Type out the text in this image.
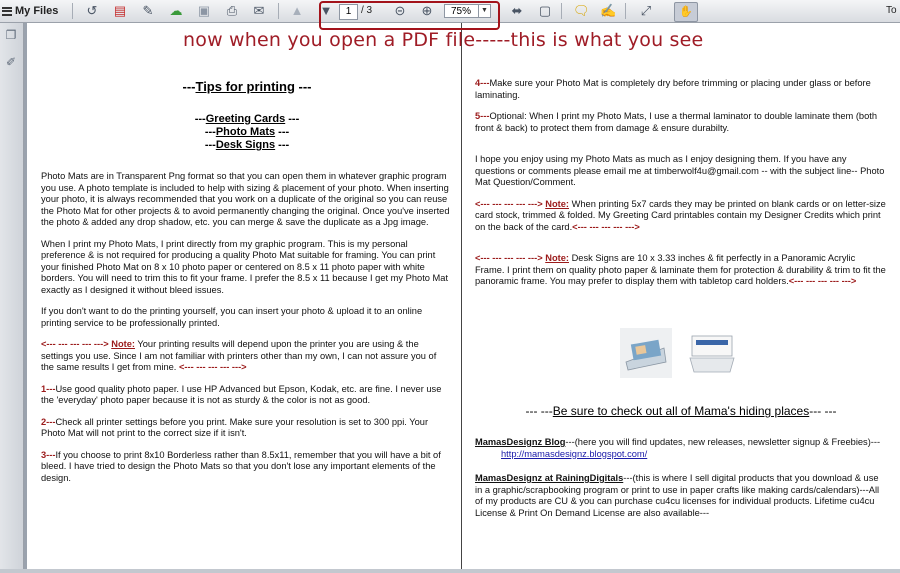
My Files ↺ ▤ ✎ ☁ ▣ ⎙ ✉ ▲ ▼	1 / 3 ⊝ ⊕	75%	▼ ⬌ ▢ 🗨 ✍ ⤢	✋	To
❐
✐
---Tips for printing ---
---Greeting Cards ---
---Photo Mats ---
---Desk Signs ---

Photo Mats are in Transparent Png format so that you can open them in whatever graphic program you use. A photo template is included to help with sizing & placement of your photo. When inserting your photo, it is always recommended that you work on a duplicate of the original so you can reuse the Photo Mat for other projects & to avoid permanently changing the original. Once you've inserted the photo & added any drop shadow, etc. you can merge & save the duplicate as a Jpg image.

When I print my Photo Mats, I print directly from my graphic program. This is my personal preference & is not required for producing a quality Photo Mat suitable for framing. You can print your finished Photo Mat on 8 x 10 photo paper or centered on 8.5 x 11 photo paper with white borders. You will need to trim this to fit your frame. I prefer the 8.5 x 11 because I get my Photo Mat exactly as I designed it without bleed issues.

If you don't want to do the printing yourself, you can insert your photo & upload it to an online printing service to be professionally printed.

<--- --- --- --- ---> Note: Your printing results will depend upon the printer you are using & the settings you use. Since I am not familiar with printers other than my own, I can not assure you of the same results I get from mine. <--- --- --- --- --->

1---Use good quality photo paper. I use HP Advanced but Epson, Kodak, etc. are fine. I never use the 'everyday' photo paper because it is not as sturdy & the color is not as good.

2---Check all printer settings before you print. Make sure your resolution is set to 300 ppi. Your Photo Mat will not print to the correct size if it isn't.

3---If you choose to print 8x10 Borderless rather than 8.5x11, remember that you will have a bit of bleed. I have tried to design the Photo Mats so that you don't lose any important elements of the design.

4---Make sure your Photo Mat is completely dry before trimming or placing under glass or before laminating.

5---Optional: When I print my Photo Mats, I use a thermal laminator to double laminate them (both front & back) to protect them from damage & ensure durabilty.

I hope you enjoy using my Photo Mats as much as I enjoy designing them. If you have any questions or comments please email me at timberwolf4u@gmail.com -- with the subject line-- Photo Mat Question/Comment.

<--- --- --- --- ---> Note: When printing 5x7 cards they may be printed on blank cards or on letter-size card stock, trimmed & folded. My Greeting Card printables contain my Designer Credits which print on the back of the card.<--- --- --- --- --->

<--- --- --- --- ---> Note: Desk Signs are 10 x 3.33 inches & fit perfectly in a Panoramic Acrylic Frame. I print them on quality photo paper & laminate them for protection & durability & trim to fit the panoramic frame. You may prefer to display them with tabletop card holders.<--- --- --- --- --->

--- ---Be sure to check out all of Mama's hiding places--- ---

MamasDesignz Blog---(here you will find updates, new releases, newsletter signup & Freebies)---

http://mamasdesignz.blogspot.com/

MamasDesignz at RainingDigitals---(this is where I sell digital products that you download & use in a graphic/scrapbooking program or print to use in paper crafts like making cards/calendars)---All of my products are CU & you can purchase cu4cu licenses for individual products. Lifetime cu4cu License & Print On Demand License are also available---

now when you open a PDF file-----this is what you see
